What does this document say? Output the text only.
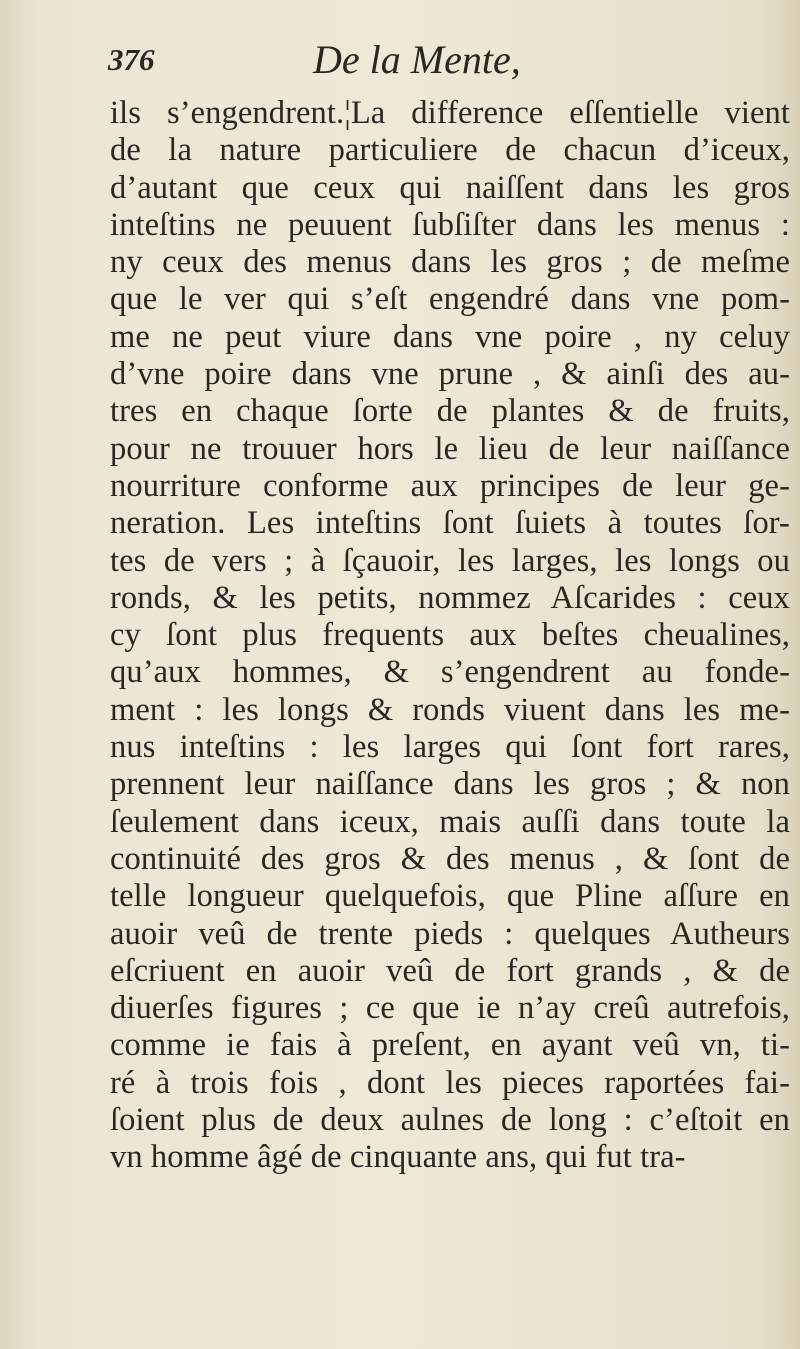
376	De la Mente,
ils s’engendrent.¦La difference eſſentielle vient
de la nature particuliere de chacun d’iceux,
d’autant que ceux qui naiſſent dans les gros
inteſtins ne peuuent ſubſiſter dans les menus :
ny ceux des menus dans les gros ; de meſme
que le ver qui s’eſt engendré dans vne pom-
me ne peut viure dans vne poire , ny celuy
d’vne poire dans vne prune , & ainſi des au-
tres en chaque ſorte de plantes & de fruits,
pour ne trouuer hors le lieu de leur naiſſance
nourriture conforme aux principes de leur ge-
neration. Les inteſtins ſont ſuiets à toutes ſor-
tes de vers ; à ſçauoir, les larges, les longs ou
ronds, & les petits, nommez Aſcarides : ceux
cy ſont plus frequents aux beſtes cheualines,
qu’aux hommes, & s’engendrent au fonde-
ment : les longs & ronds viuent dans les me-
nus inteſtins : les larges qui ſont fort rares,
prennent leur naiſſance dans les gros ; & non
ſeulement dans iceux, mais auſſi dans toute la
continuité des gros & des menus , & ſont de
telle longueur quelquefois, que Pline aſſure en
auoir veû de trente pieds : quelques Autheurs
eſcriuent en auoir veû de fort grands , & de
diuerſes figures ; ce que ie n’ay creû autrefois,
comme ie fais à preſent, en ayant veû vn, ti-
ré à trois fois , dont les pieces raportées fai-
ſoient plus de deux aulnes de long : c’eſtoit en
vn homme âgé de cinquante ans, qui fut tra-
